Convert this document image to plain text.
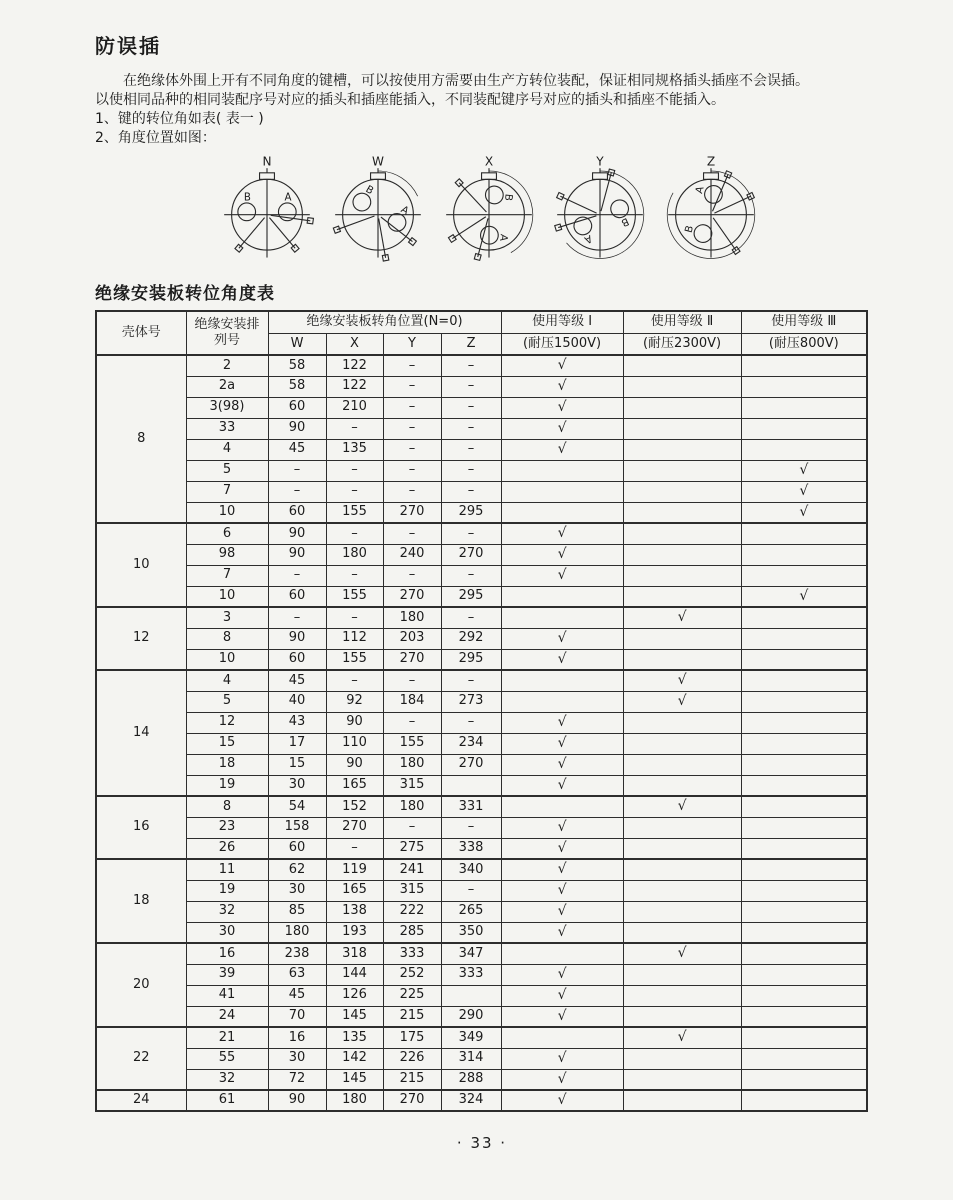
防误插
在绝缘体外围上开有不同角度的键槽，可以按使用方需要由生产方转位装配，保证相同规格插头插座不会误插。
以使相同品种的相同装配序号对应的插头和插座能插入，不同装配键序号对应的插头和插座不能插入。
1、键的转位角如表( 表一 )
2、角度位置如图：
N
A
B
W
A
B
X
A
B
Y
A
B
Z
A
B
绝缘安装板转位角度表
壳体号	绝缘安装排列号	绝缘安装板转角位置(N=0)				使用等级 Ⅰ	使用等级 Ⅱ	使用等级 Ⅲ
		W	X	Y	Z	(耐压1500V)	(耐压2300V)	(耐压800V)
8	2	58	122	–	–	√		
	2a	58	122	–	–	√		
	3(98)	60	210	–	–	√		
	33	90	–	–	–	√		
	4	45	135	–	–	√		
	5	–	–	–	–			√
	7	–	–	–	–			√
	10	60	155	270	295			√
10	6	90	–	–	–	√		
	98	90	180	240	270	√		
	7	–	–	–	–	√		
	10	60	155	270	295			√
12	3	–	–	180	–		√	
	8	90	112	203	292	√		
	10	60	155	270	295	√		
14	4	45	–	–	–		√	
	5	40	92	184	273		√	
	12	43	90	–	–	√		
	15	17	110	155	234	√		
	18	15	90	180	270	√		
	19	30	165	315		√		
16	8	54	152	180	331		√	
	23	158	270	–	–	√		
	26	60	–	275	338	√		
18	11	62	119	241	340	√		
	19	30	165	315	–	√		
	32	85	138	222	265	√		
	30	180	193	285	350	√		
20	16	238	318	333	347		√	
	39	63	144	252	333	√		
	41	45	126	225		√		
	24	70	145	215	290	√		
22	21	16	135	175	349		√	
	55	30	142	226	314	√		
	32	72	145	215	288	√		
24	61	90	180	270	324	√		
· 33 ·
